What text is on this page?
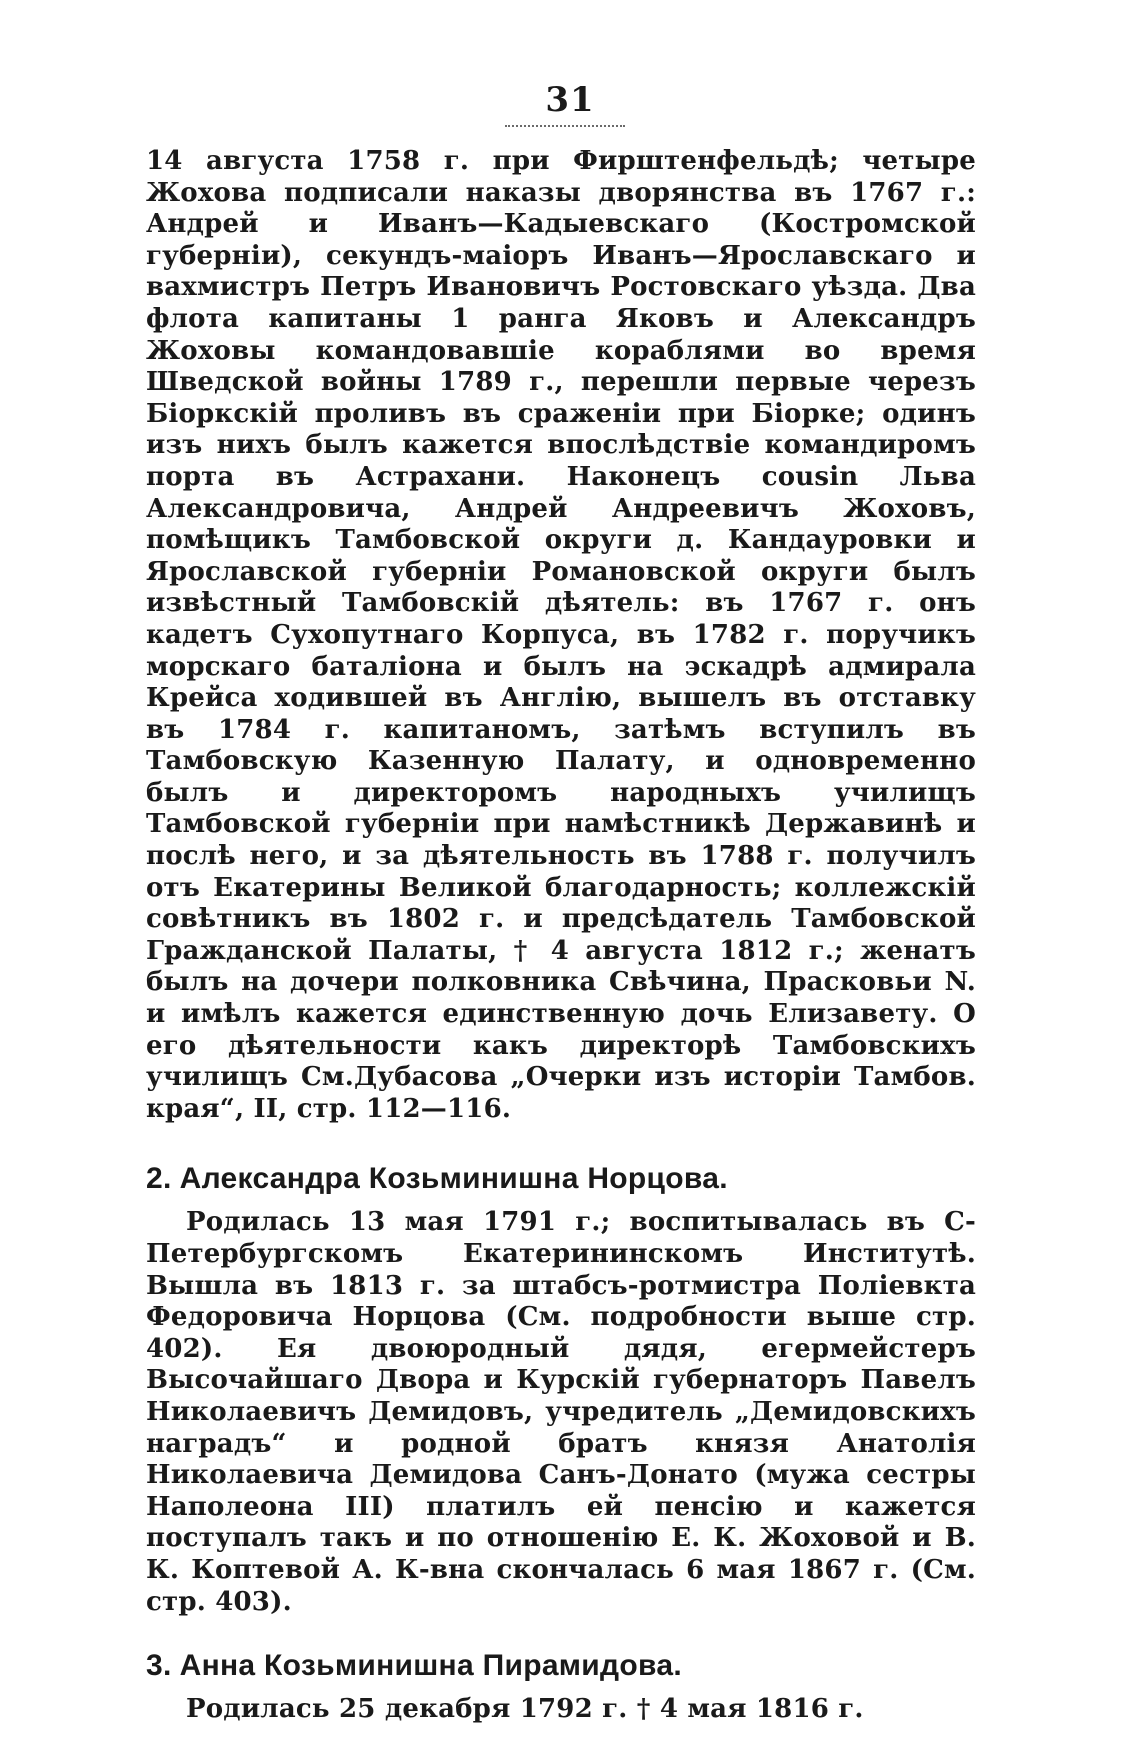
31

14 августа 1758 г. при Фирштенфельдѣ; четыре Жохова подписали наказы дворянства въ 1767 г.: Андрей и Иванъ—Кадыевскаго (Костромской губерніи), секундъ-маіоръ Иванъ—Ярославскаго и вахмистръ Петръ Ивановичъ Ростовскаго уѣзда. Два флота капитаны 1 ранга Яковъ и Александръ Жоховы командовавшіе кораблями во время Шведской войны 1789 г., перешли первые черезъ Біоркскій проливъ въ сраженіи при Біорке; одинъ изъ нихъ былъ кажется впослѣдствіе командиромъ порта въ Астрахани. Наконецъ cousin Льва Александровича, Андрей Андреевичъ Жоховъ, помѣщикъ Тамбовской округи д. Кандауровки и Ярославской губерніи Романовской округи былъ извѣстный Тамбовскій дѣятель: въ 1767 г. онъ кадетъ Сухопутнаго Корпуса, въ 1782 г. поручикъ морскаго баталіона и былъ на эскадрѣ адмирала Крейса ходившей въ Англію, вышелъ въ отставку въ 1784 г. капитаномъ, затѣмъ вступилъ въ Тамбовскую Казенную Палату, и одновременно былъ и директоромъ народныхъ училищъ Тамбовской губерніи при намѣстникѣ Державинѣ и послѣ него, и за дѣятельность въ 1788 г. получилъ отъ Екатерины Великой благодарность; коллежскій совѣтникъ въ 1802 г. и предсѣдатель Тамбовской Гражданской Палаты, † 4 августа 1812 г.; женатъ былъ на дочери полковника Свѣчина, Прасковьи N. и имѣлъ кажется единственную дочь Елизавету. О его дѣятельности какъ директорѣ Тамбовскихъ училищъ См.Дубасова „Очерки изъ исторіи Тамбов. края“, II, стр. 112—116.

2. Александра Козьминишна Норцова.

Родилась 13 мая 1791 г.; воспитывалась въ С-Петербургскомъ Екатерининскомъ Институтѣ. Вышла въ 1813 г. за штабсъ-ротмистра Поліевкта Федоровича Норцова (См. подробности выше стр. 402). Ея двоюродный дядя, егермейстеръ Высочайшаго Двора и Курскій губернаторъ Павелъ Николаевичъ Демидовъ, учредитель „Демидовскихъ наградъ“ и родной братъ князя Анатолія Николаевича Демидова Санъ-Донато (мужа сестры Наполеона III) платилъ ей пенсію и кажется поступалъ такъ и по отношенію Е. К. Жоховой и В. К. Коптевой А. К-вна скончалась 6 мая 1867 г. (См. стр. 403).

3. Анна Козьминишна Пирамидова.

Родилась 25 декабря 1792 г. † 4 мая 1816 г.
